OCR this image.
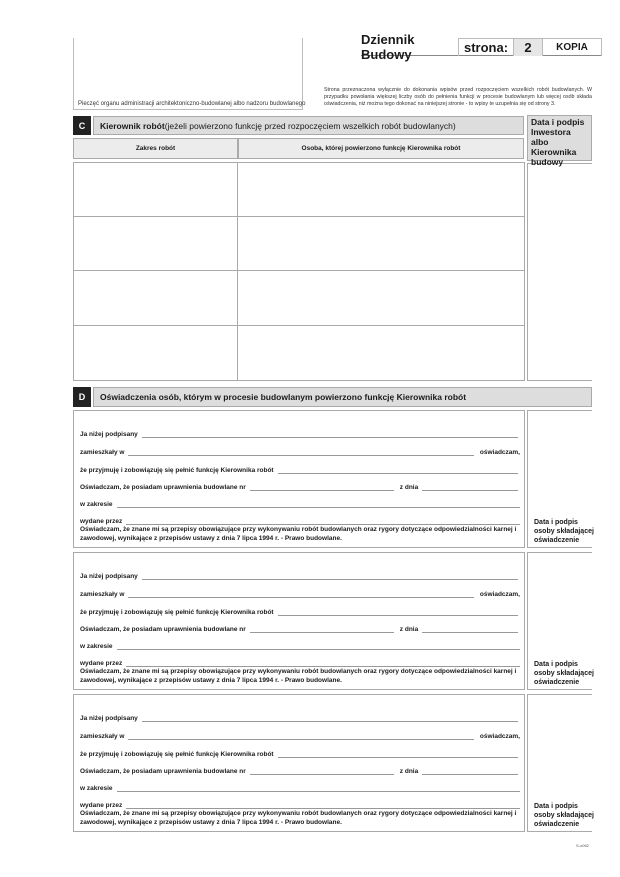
Pieczęć organu administracji architektoniczno-budowlanej albo nadzoru budowlanego
Dziennik Budowy	strona:	2	KOPIA
Strona przeznaczona wyłącznie do dokonania wpisów przed rozpoczęciem wszelkich robót budowlanych. W przypadku powołania większej liczby osób do pełnienia funkcji w procesie budowlanym lub więcej osób składa oświadczenia, niż można tego dokonać na niniejszej stronie - to wpisy te uzupełnia się od strony 3.
C	Kierownik robót (jeżeli powierzono funkcję przed rozpoczęciem wszelkich robót budowlanych)
Zakres robót	Osoba, której powierzono funkcję Kierownika robót
Data i podpis Inwestora albo Kierownika budowy
D	Oświadczenia osób, którym w procesie budowlanym powierzono funkcję Kierownika robót
Ja niżej podpisany
zamieszkały w	oświadczam,
że przyjmuję i zobowiązuję się pełnić funkcję Kierownika robót
Oświadczam, że posiadam uprawnienia budowlane nr	z dnia
w zakresie
wydane przez
Oświadczam, że znane mi są przepisy obowiązujące przy wykonywaniu robót budowlanych oraz rygory dotyczące odpowiedzialności karnej i zawodowej, wynikające z przepisów ustawy z dnia 7 lipca 1994 r. - Prawo budowlane.
Data i podpis osoby składającej oświadczenie
Ja niżej podpisany
zamieszkały w	oświadczam,
że przyjmuję i zobowiązuję się pełnić funkcję Kierownika robót
Oświadczam, że posiadam uprawnienia budowlane nr	z dnia
w zakresie
wydane przez
Oświadczam, że znane mi są przepisy obowiązujące przy wykonywaniu robót budowlanych oraz rygory dotyczące odpowiedzialności karnej i zawodowej, wynikające z przepisów ustawy z dnia 7 lipca 1994 r. - Prawo budowlane.
Data i podpis osoby składającej oświadczenie
Ja niżej podpisany
zamieszkały w	oświadczam,
że przyjmuję i zobowiązuję się pełnić funkcję Kierownika robót
Oświadczam, że posiadam uprawnienia budowlane nr	z dnia
w zakresie
wydane przez
Oświadczam, że znane mi są przepisy obowiązujące przy wykonywaniu robót budowlanych oraz rygory dotyczące odpowiedzialności karnej i zawodowej, wynikające z przepisów ustawy z dnia 7 lipca 1994 r. - Prawo budowlane.
Data i podpis osoby składającej oświadczenie
S-o062
